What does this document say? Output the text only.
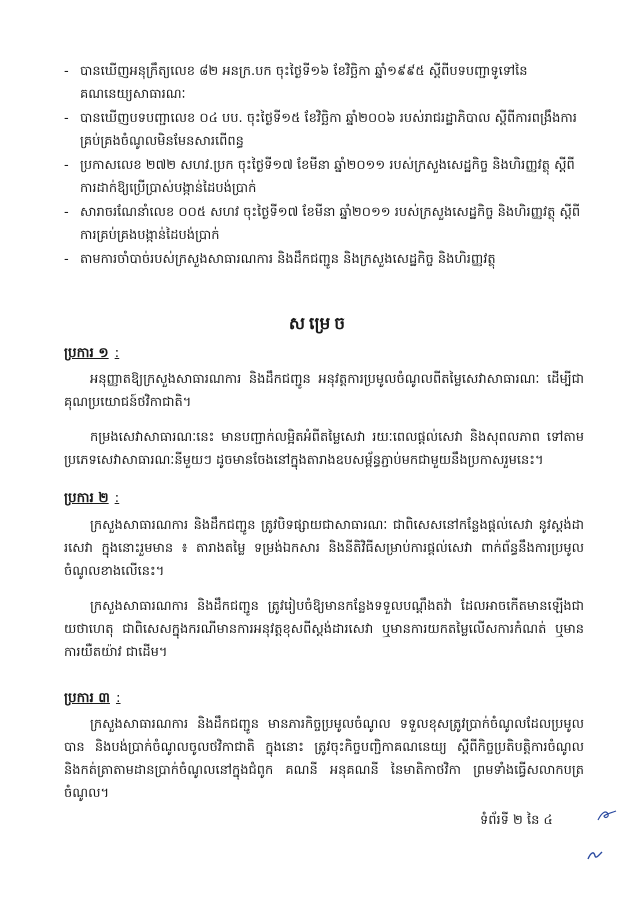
- បានឃើញអនុក្រឹត្យលេខ ៨២ អនក្រ.បក ចុះថ្ងៃទី១៦ ខែវិច្ឆិកា ឆ្នាំ១៩៩៥ ស្ដីពីបទបញ្ជាទូទៅនៃគណនេយ្យសាធារណៈ
- បានឃើញបទបញ្ជាលេខ ០៤ បប. ចុះថ្ងៃទី១៥ ខែវិច្ឆិកា ឆ្នាំ២០០៦ របស់រាជរដ្ឋាភិបាល ស្តីពីការពង្រឹងការគ្រប់គ្រងចំណូលមិនមែនសារពើពន្ធ
- ប្រកាសលេខ ២៧២ សហវ.ប្រក ចុះថ្ងៃទី១៧ ខែមីនា ឆ្នាំ២០១១ របស់ក្រសួងសេដ្ឋកិច្ច និងហិរញ្ញវត្ថុ ស្តីពីការដាក់ឱ្យប្រើប្រាស់បង្កាន់ដៃបង់ប្រាក់
- សារាចរណែនាំលេខ ០០៥ សហវ ចុះថ្ងៃទី១៧ ខែមីនា ឆ្នាំ២០១១ របស់ក្រសួងសេដ្ឋកិច្ច និងហិរញ្ញវត្ថុ ស្តីពីការគ្រប់គ្រងបង្កាន់ដៃបង់ប្រាក់
- តាមការចាំបាច់របស់ក្រសួងសាធារណការ និងដឹកជញ្ជូន និងក្រសួងសេដ្ឋកិច្ច និងហិរញ្ញវត្ថុ
សម្រេច
ប្រការ ១ :
អនុញ្ញាតឱ្យក្រសួងសាធារណការ និងដឹកជញ្ជូន អនុវត្តការប្រមូលចំណូលពីតម្លៃសេវាសាធារណៈ ដើម្បីជាគុណប្រយោជន៍ថវិកាជាតិ។
កម្រងសេវាសាធារណៈនេះ មានបញ្ជាក់លម្អិតអំពីតម្លៃសេវា រយៈពេលផ្តល់សេវា និងសុពលភាព ទៅតាមប្រភេទសេវាសាធារណៈនីមួយៗ ដូចមានចែងនៅក្នុងតារាងឧបសម្ព័ន្ធភ្ជាប់មកជាមួយនឹងប្រកាសរួមនេះ។
ប្រការ ២ :
ក្រសួងសាធារណការ និងដឹកជញ្ជូន ត្រូវបិទផ្សាយជាសាធារណៈ ជាពិសេសនៅកន្លែងផ្តល់សេវា នូវស្តង់ដារសេវា ក្នុងនោះរួមមាន ៖ តារាងតម្លៃ ទម្រង់ឯកសារ និងនីតិវិធីសម្រាប់ការផ្តល់សេវា ពាក់ព័ន្ធនឹងការប្រមូលចំណូលខាងលើនេះ។
ក្រសួងសាធារណការ និងដឹកជញ្ជូន ត្រូវរៀបចំឱ្យមានកន្លែងទទួលបណ្តឹងតវ៉ា ដែលអាចកើតមានឡើងជាយថាហេតុ ជាពិសេសក្នុងករណីមានការអនុវត្តខុសពីស្តង់ដារសេវា ឬមានការយកតម្លៃលើសការកំណត់ ឬមានការយឺតយ៉ាវ ជាដើម។
ប្រការ ៣ :
ក្រសួងសាធារណការ និងដឹកជញ្ជូន មានភារកិច្ចប្រមូលចំណូល ទទួលខុសត្រូវប្រាក់ចំណូលដែលប្រមូលបាន និងបង់ប្រាក់ចំណូលចូលថវិកាជាតិ ក្នុងនោះ ត្រូវចុះកិច្ចបញ្ជិកាគណនេយ្យ ស្តីពីកិច្ចប្រតិបត្តិការចំណូល និងកត់ត្រាតាមដានប្រាក់ចំណូលនៅក្នុងជំពូក គណនី អនុគណនី នៃមាតិកាថវិកា ព្រមទាំងធ្វើសលាកបត្រចំណូល។
ទំព័រទី ២ នៃ ៤
